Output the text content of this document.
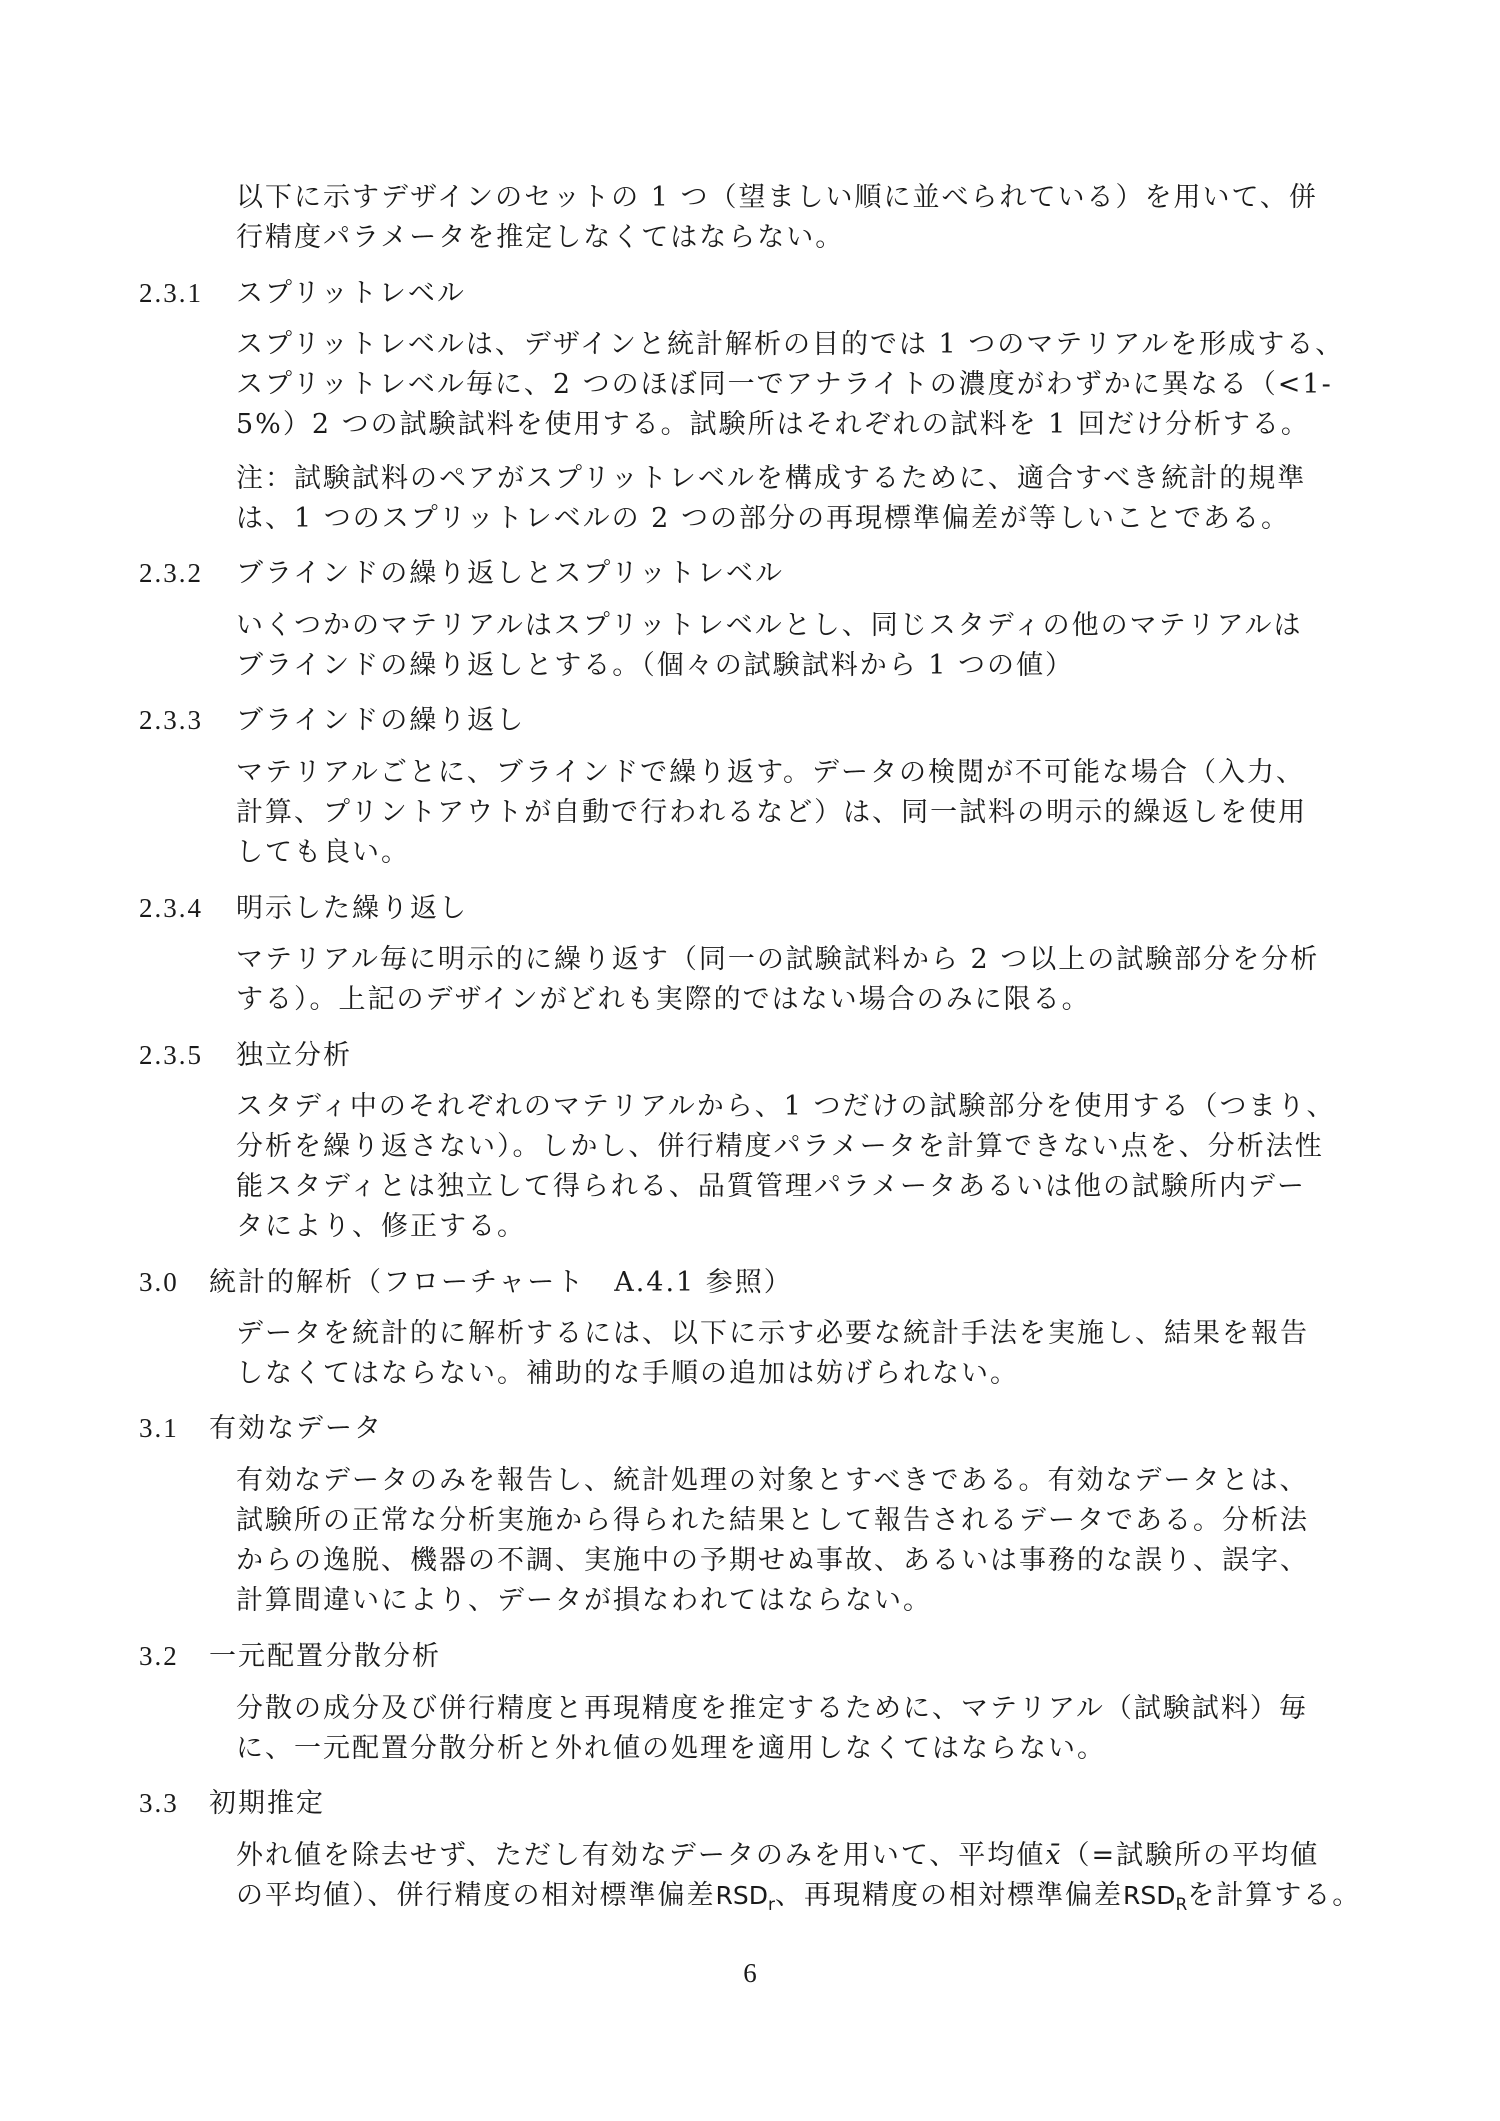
以下に示すデザインのセットの 1 つ（望ましい順に並べられている）を用いて、併
行精度パラメータを推定しなくてはならない。
2.3.1 スプリットレベル
スプリットレベルは、デザインと統計解析の目的では 1 つのマテリアルを形成する、
スプリットレベル毎に、2 つのほぼ同一でアナライトの濃度がわずかに異なる（<1-
5%）2 つの試験試料を使用する。試験所はそれぞれの試料を 1 回だけ分析する。
注：試験試料のペアがスプリットレベルを構成するために、適合すべき統計的規準
は、1 つのスプリットレベルの 2 つの部分の再現標準偏差が等しいことである。
2.3.2 ブラインドの繰り返しとスプリットレベル
いくつかのマテリアルはスプリットレベルとし、同じスタディの他のマテリアルは
ブラインドの繰り返しとする。（個々の試験試料から 1 つの値）
2.3.3 ブラインドの繰り返し
マテリアルごとに、ブラインドで繰り返す。データの検閲が不可能な場合（入力、
計算、プリントアウトが自動で行われるなど）は、同一試料の明示的繰返しを使用
しても良い。
2.3.4 明示した繰り返し
マテリアル毎に明示的に繰り返す（同一の試験試料から 2 つ以上の試験部分を分析
する）。上記のデザインがどれも実際的ではない場合のみに限る。
2.3.5 独立分析
スタディ中のそれぞれのマテリアルから、1 つだけの試験部分を使用する（つまり、
分析を繰り返さない）。しかし、併行精度パラメータを計算できない点を、分析法性
能スタディとは独立して得られる、品質管理パラメータあるいは他の試験所内デー
タにより、修正する。
3.0 統計的解析（フローチャート　A.4.1 参照）
データを統計的に解析するには、以下に示す必要な統計手法を実施し、結果を報告
しなくてはならない。補助的な手順の追加は妨げられない。
3.1 有効なデータ
有効なデータのみを報告し、統計処理の対象とすべきである。有効なデータとは、
試験所の正常な分析実施から得られた結果として報告されるデータである。分析法
からの逸脱、機器の不調、実施中の予期せぬ事故、あるいは事務的な誤り、誤字、
計算間違いにより、データが損なわれてはならない。
3.2 一元配置分散分析
分散の成分及び併行精度と再現精度を推定するために、マテリアル（試験試料）毎
に、一元配置分散分析と外れ値の処理を適用しなくてはならない。
3.3 初期推定
外れ値を除去せず、ただし有効なデータのみを用いて、平均値x̄（=試験所の平均値
の平均値）、併行精度の相対標準偏差$RSD_r$、再現精度の相対標準偏差$RSD_R$を計算する。
6
